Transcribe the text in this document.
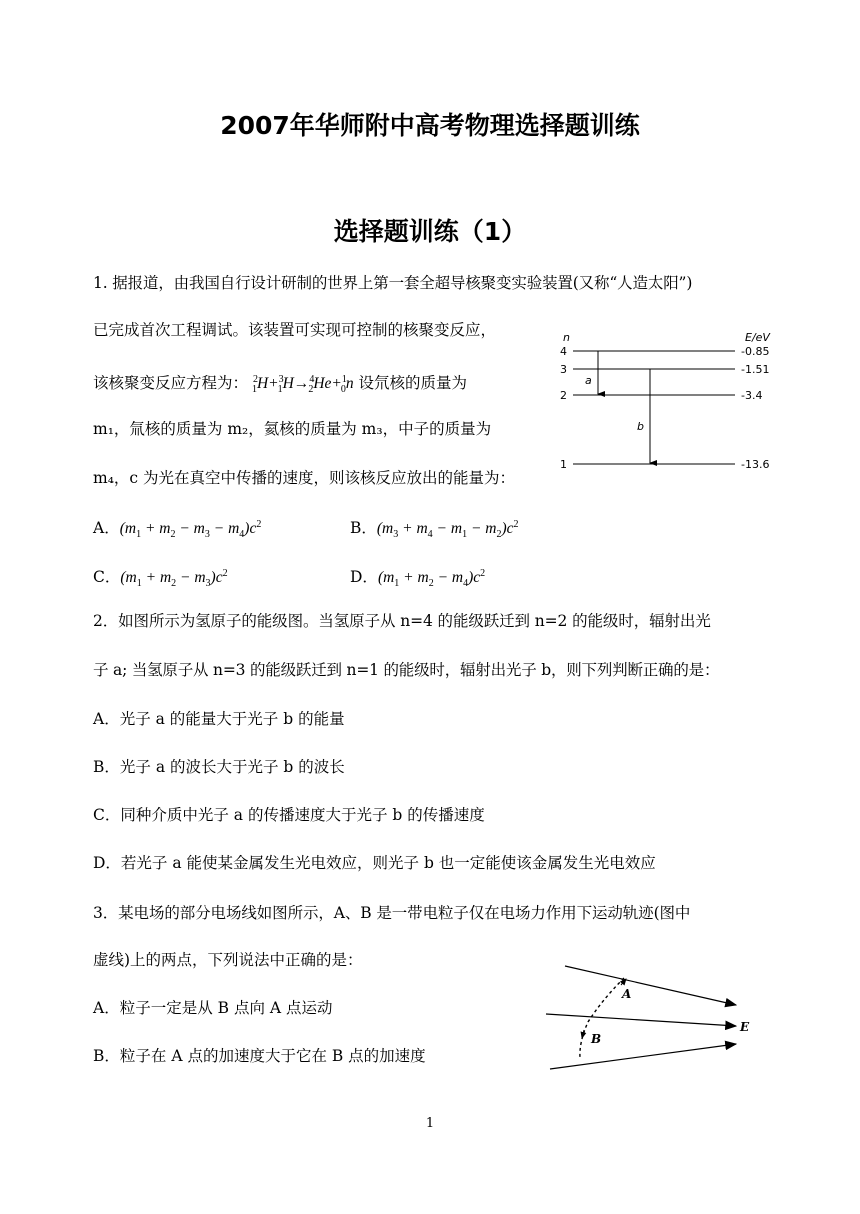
2007年华师附中高考物理选择题训练
选择题训练（1）
1. 据报道，由我国自行设计研制的世界上第一套全超导核聚变实验装置(又称“人造太阳”)
已完成首次工程调试。该装置可实现可控制的核聚变反应，
该核聚变反应方程为： $^2_1$H+$^3_1$H→$^4_2$He+$^1_0$n 设氘核的质量为
m₁，氚核的质量为 m₂，氦核的质量为 m₃，中子的质量为
m₄，c 为光在真空中传播的速度，则该核反应放出的能量为：
A．$(m_1 + m_2 - m_3 - m_4)c^2$	B．$(m_3 + m_4 - m_1 - m_2)c^2$
C．$(m_1 + m_2 - m_3)c^2$	D．$(m_1 + m_2 - m_4)c^2$
n	E/eV
4
3
2
1
-0.85
-1.51
-3.4
-13.6
a
b
2．如图所示为氢原子的能级图。当氢原子从 n=4 的能级跃迁到 n=2 的能级时，辐射出光
子 a; 当氢原子从 n=3 的能级跃迁到 n=1 的能级时，辐射出光子 b，则下列判断正确的是：
A．光子 a 的能量大于光子 b 的能量
B．光子 a 的波长大于光子 b 的波长
C．同种介质中光子 a 的传播速度大于光子 b 的传播速度
D．若光子 a 能使某金属发生光电效应，则光子 b 也一定能使该金属发生光电效应
3．某电场的部分电场线如图所示，A、B 是一带电粒子仅在电场力作用下运动轨迹(图中
虚线)上的两点，下列说法中正确的是：
A．粒子一定是从 B 点向 A 点运动
B．粒子在 A 点的加速度大于它在 B 点的加速度
A
B
E
1
